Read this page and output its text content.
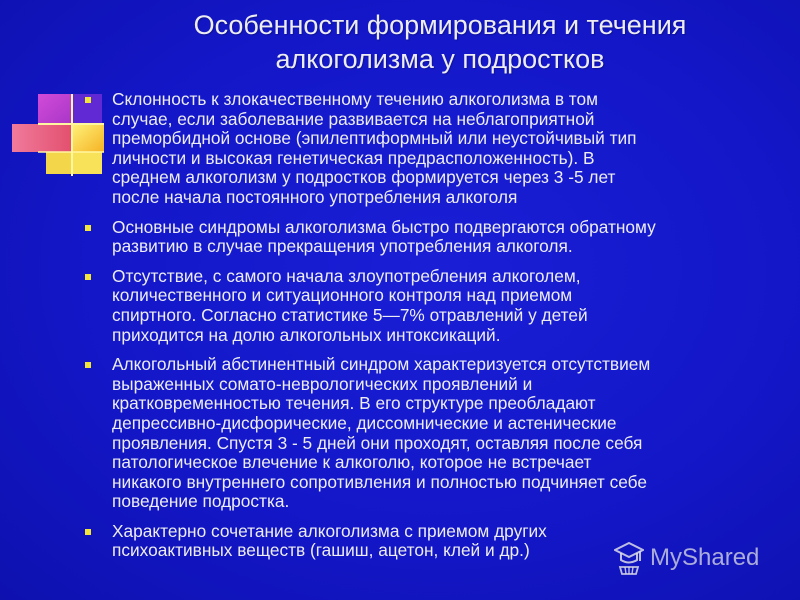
Особенности формирования и течения
алкоголизма у подростков
Склонность к злокачественному течению алкоголизма в том
случае, если заболевание развивается на неблагоприятной
преморбидной основе (эпилептиформный или неустойчивый тип
личности и высокая генетическая предрасположенность). В
среднем алкоголизм у подростков формируется через 3 -5 лет
после начала постоянного употребления алкоголя
Основные синдромы алкоголизма быстро подвергаются обратному
развитию в случае прекращения употребления алкоголя.
Отсутствие, с самого начала злоупотребления алкоголем,
количественного и ситуационного контроля над приемом
спиртного. Согласно статистике 5—7% отравлений у детей
приходится на долю алкогольных интоксикаций.
Алкогольный абстинентный синдром характеризуется отсутствием
выраженных сомато-неврологических проявлений и
кратковременностью течения. В его структуре преобладают
депрессивно-дисфорические, диссомнические и астенические
проявления. Спустя 3 - 5 дней они проходят, оставляя после себя
патологическое влечение к алкоголю, которое не встречает
никакого внутреннего сопротивления и полностью подчиняет себе
поведение подростка.
Характерно сочетание алкоголизма с приемом других
психоактивных веществ (гашиш, ацетон, клей и др.)	MyShared
